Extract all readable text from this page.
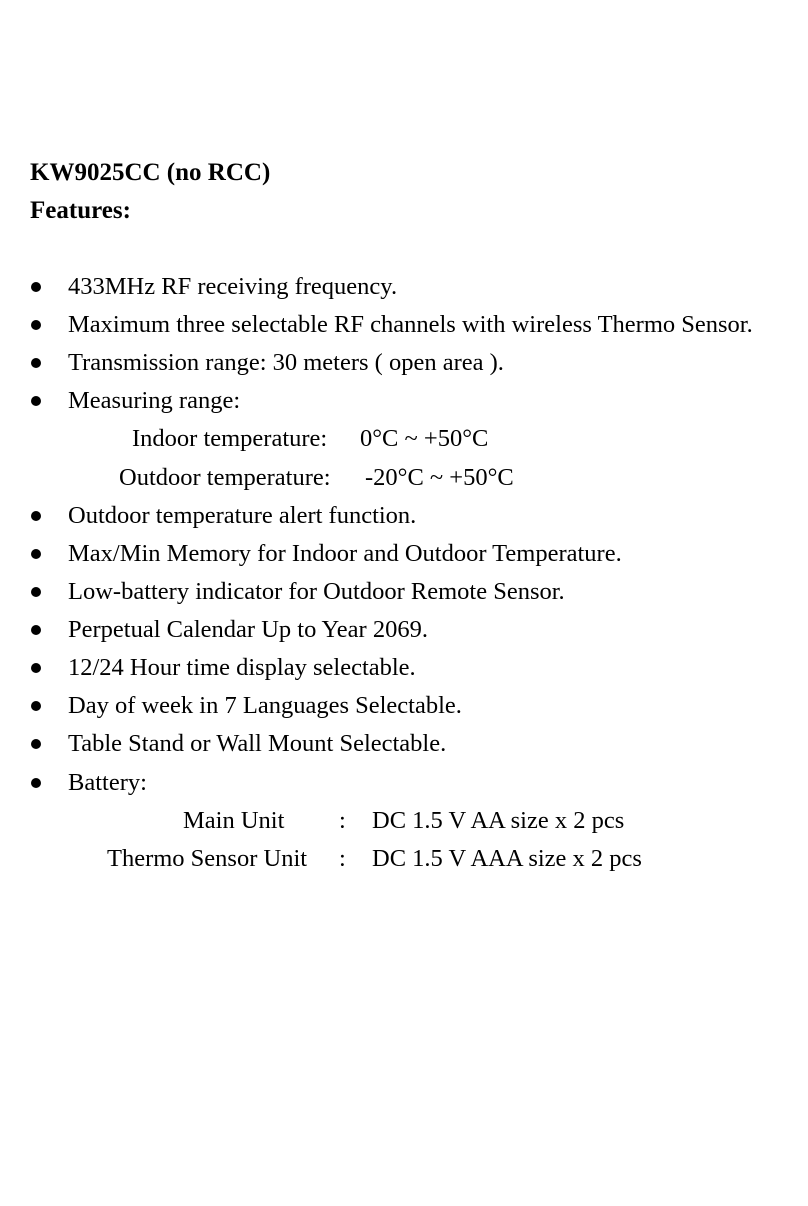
KW9025CC (no RCC)
Features:
433MHz RF receiving frequency.
Maximum three selectable RF channels with wireless Thermo Sensor.
Transmission range: 30 meters ( open area ).
Measuring range:
Indoor temperature: 0°C ~ +50°C
Outdoor temperature: -20°C ~ +50°C
Outdoor temperature alert function.
Max/Min Memory for Indoor and Outdoor Temperature.
Low-battery indicator for Outdoor Remote Sensor.
Perpetual Calendar Up to Year 2069.
12/24 Hour time display selectable.
Day of week in 7 Languages Selectable.
Table Stand or Wall Mount Selectable.
Battery:
Main Unit : DC 1.5 V AA size x 2 pcs
Thermo Sensor Unit : DC 1.5 V AAA size x 2 pcs
